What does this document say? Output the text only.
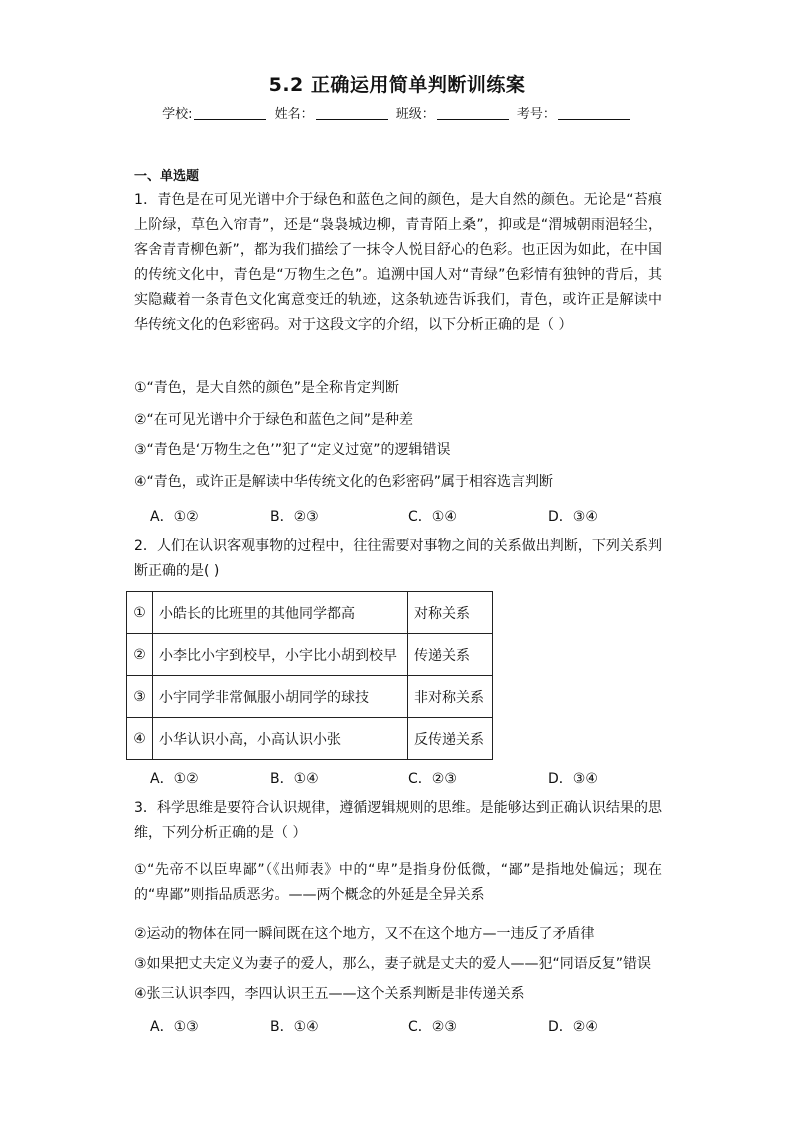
5.2 正确运用简单判断训练案
学校:	姓名：	班级：	考号：
一、单选题
1．青色是在可见光谱中介于绿色和蓝色之间的颜色，是大自然的颜色。无论是“苔痕上阶绿，草色入帘青”，还是“袅袅城边柳，青青陌上桑”，抑或是“渭城朝雨浥轻尘，客舍青青柳色新”，都为我们描绘了一抹令人悦目舒心的色彩。也正因为如此，在中国的传统文化中，青色是“万物生之色”。追溯中国人对“青绿”色彩情有独钟的背后，其实隐藏着一条青色文化寓意变迁的轨迹，这条轨迹告诉我们，青色，或许正是解读中华传统文化的色彩密码。对于这段文字的介绍，以下分析正确的是（ ）
①“青色，是大自然的颜色”是全称肯定判断
②“在可见光谱中介于绿色和蓝色之间”是种差
③“青色是‘万物生之色’”犯了“定义过宽”的逻辑错误
④“青色，或许正是解读中华传统文化的色彩密码”属于相容选言判断
A．①②	B．②③	C．①④	D．③④
2．人们在认识客观事物的过程中，往往需要对事物之间的关系做出判断，下列关系判断正确的是( )
①	小皓长的比班里的其他同学都高	对称关系
②	小李比小宇到校早，小宇比小胡到校早	传递关系
③	小宇同学非常佩服小胡同学的球技	非对称关系
④	小华认识小高，小高认识小张	反传递关系
A．①②	B．①④	C．②③	D．③④
3．科学思维是要符合认识规律，遵循逻辑规则的思维。是能够达到正确认识结果的思维，下列分析正确的是（ ）
①“先帝不以臣卑鄙”（《出师表》中的“卑”是指身份低微，“鄙”是指地处偏远；现在的“卑鄙”则指品质恶劣。——两个概念的外延是全异关系
②运动的物体在同一瞬间既在这个地方，又不在这个地方—一违反了矛盾律
③如果把丈夫定义为妻子的爱人，那么，妻子就是丈夫的爱人——犯“同语反复”错误
④张三认识李四，李四认识王五——这个关系判断是非传递关系
A．①③	B．①④	C．②③	D．②④
